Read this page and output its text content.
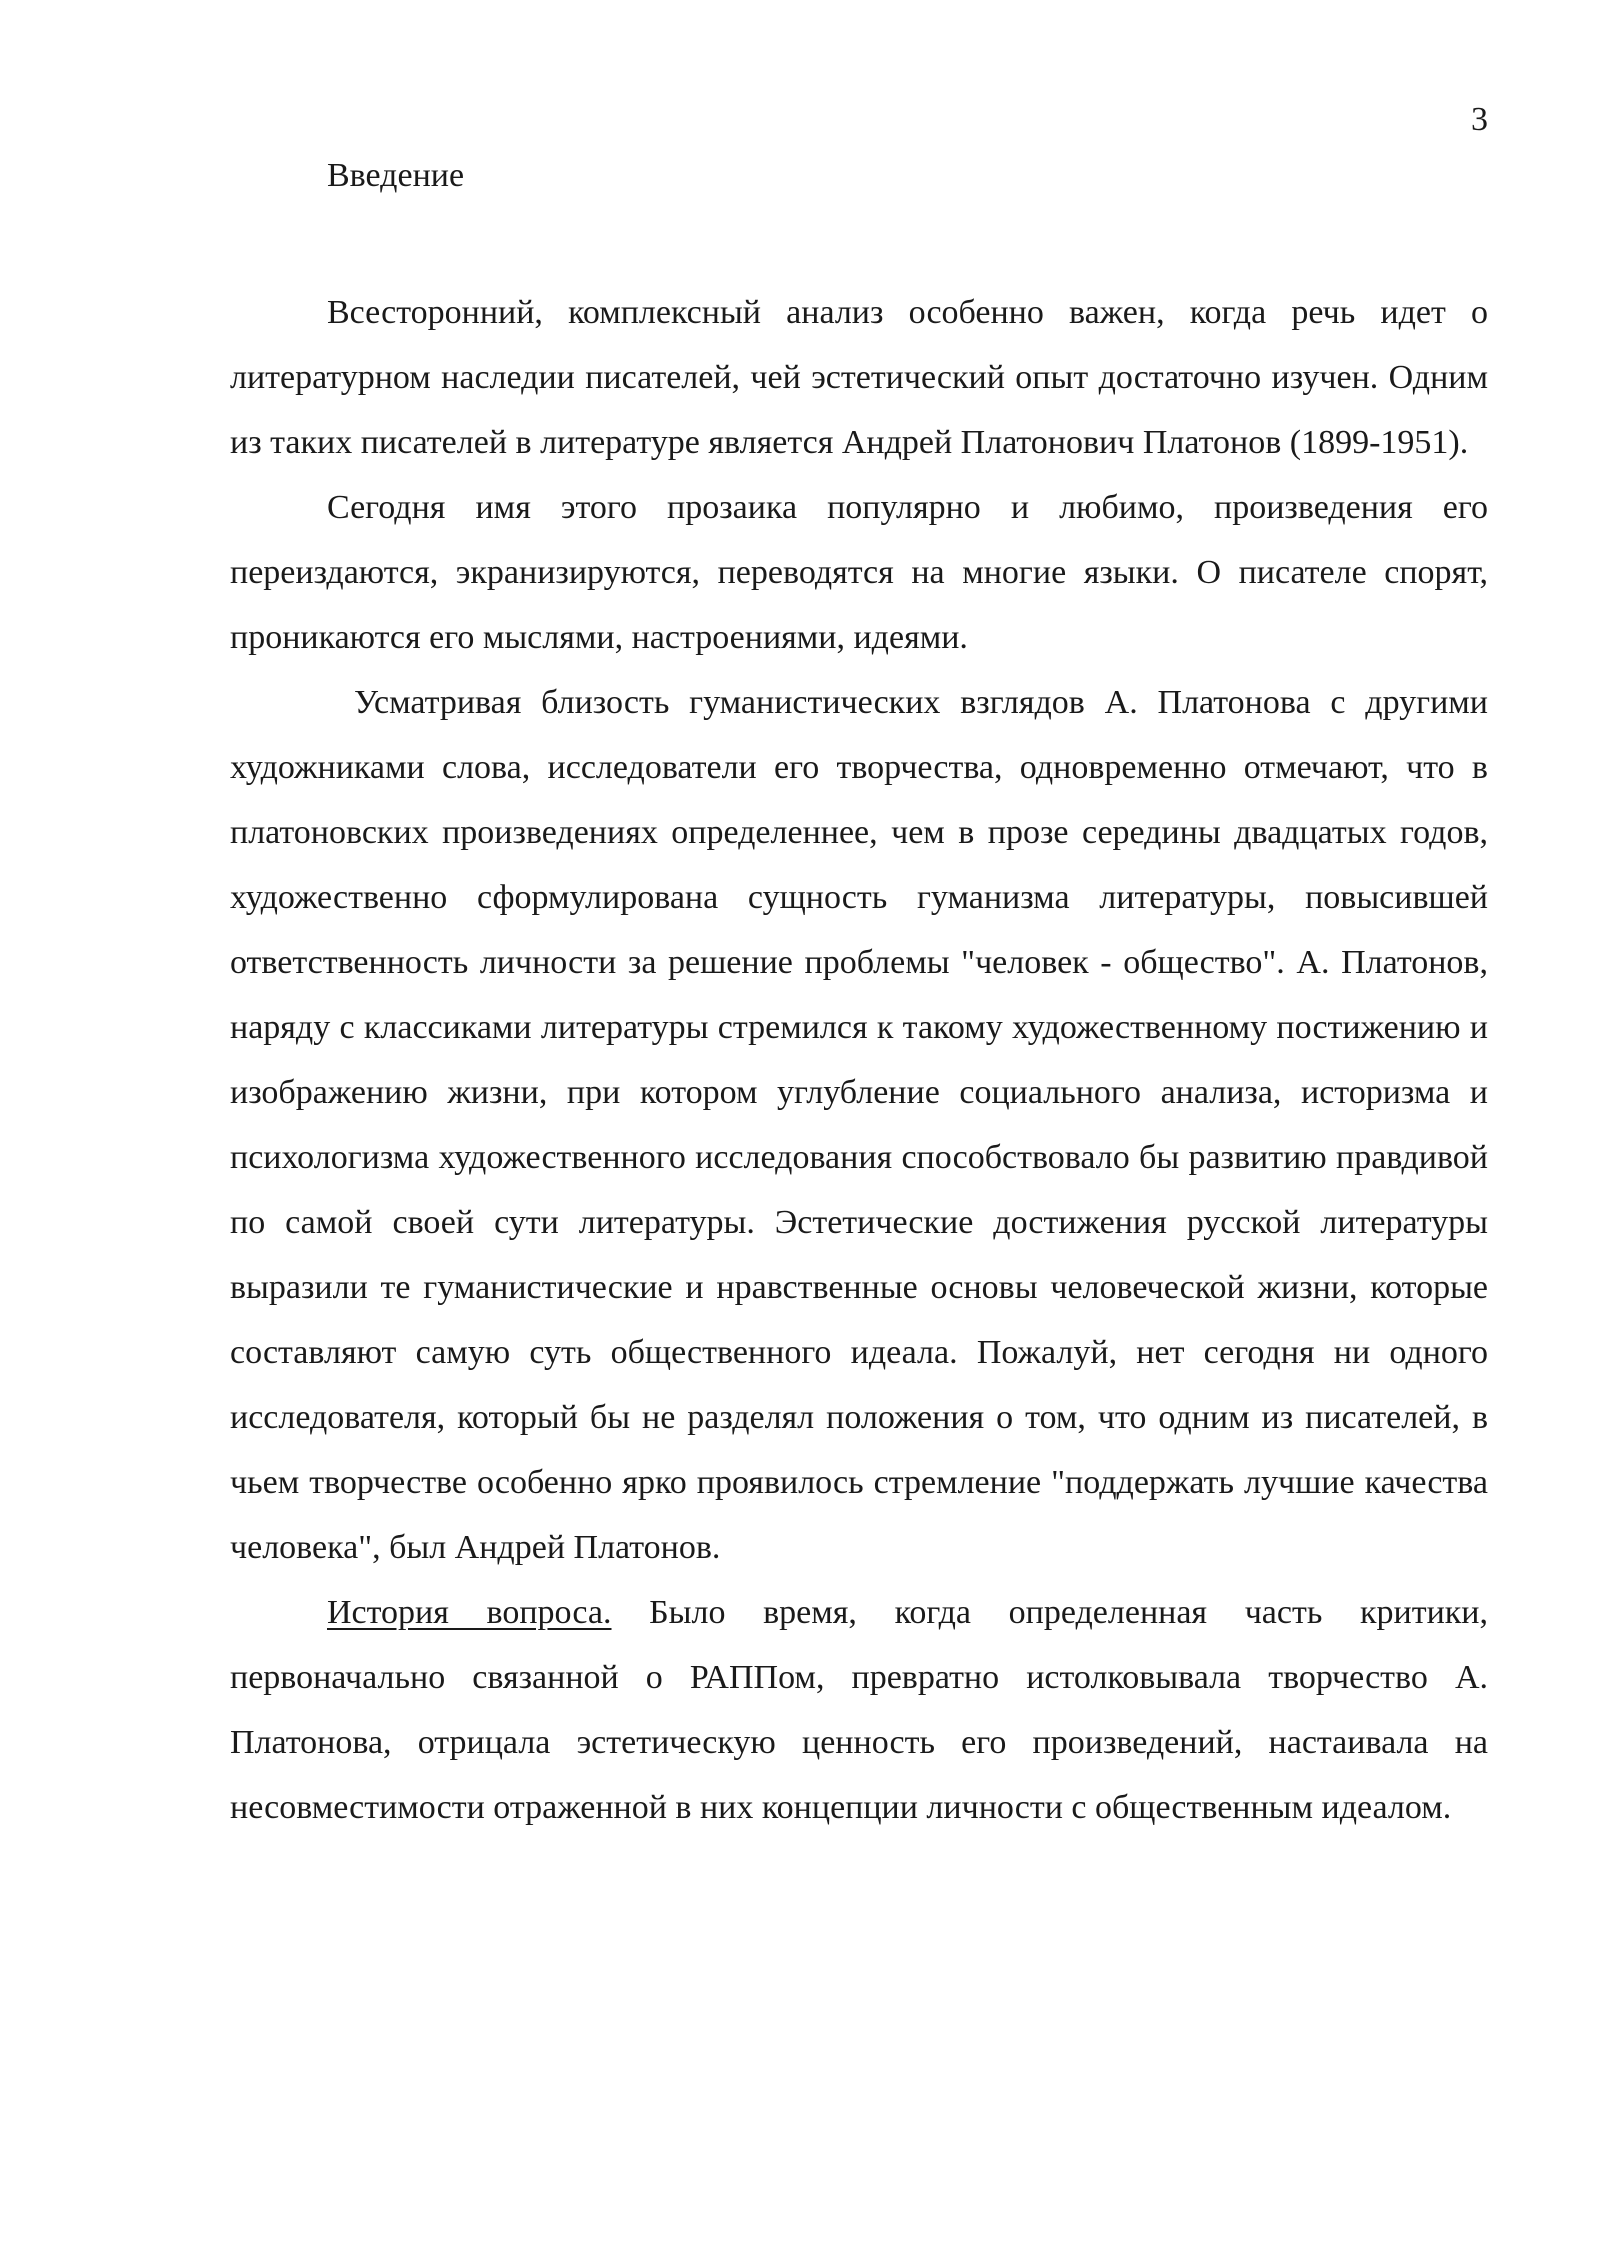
3
Введение

Всесторонний, комплексный анализ особенно важен, когда речь идет о литературном наследии писателей, чей эстетический опыт достаточно изучен. Одним из таких писателей в литературе является Андрей Платонович Платонов (1899-1951).

Сегодня имя этого прозаика популярно и любимо, произведения его переиздаются, экранизируются, переводятся на многие языки. О писателе спорят, проникаются его мыслями, настроениями, идеями.

Усматривая близость гуманистических взглядов А. Платонова с другими художниками слова, исследователи его творчества, одновременно отмечают, что в платоновских произведениях определеннее, чем в прозе середины двадцатых годов, художественно сформулирована сущность гуманизма литературы, повысившей ответственность личности за решение проблемы "человек - общество". А. Платонов, наряду с классиками литературы стремился к такому художественному постижению и изображению жизни, при котором углубление социального анализа, историзма и психологизма художественного исследования способствовало бы развитию правдивой по самой своей сути литературы. Эстетические достижения русской литературы выразили те гуманистические и нравственные основы человеческой жизни, которые составляют самую суть общественного идеала. Пожалуй, нет сегодня ни одного исследователя, который бы не разделял положения о том, что одним из писателей, в чьем творчестве особенно ярко проявилось стремление "поддержать лучшие качества человека", был Андрей Платонов.

История вопроса. Было время, когда определенная часть критики, первоначально связанной о РАППом, превратно истолковывала творчество А. Платонова, отрицала эстетическую ценность его произведений, настаивала на несовместимости отраженной в них концепции личности с общественным идеалом.
